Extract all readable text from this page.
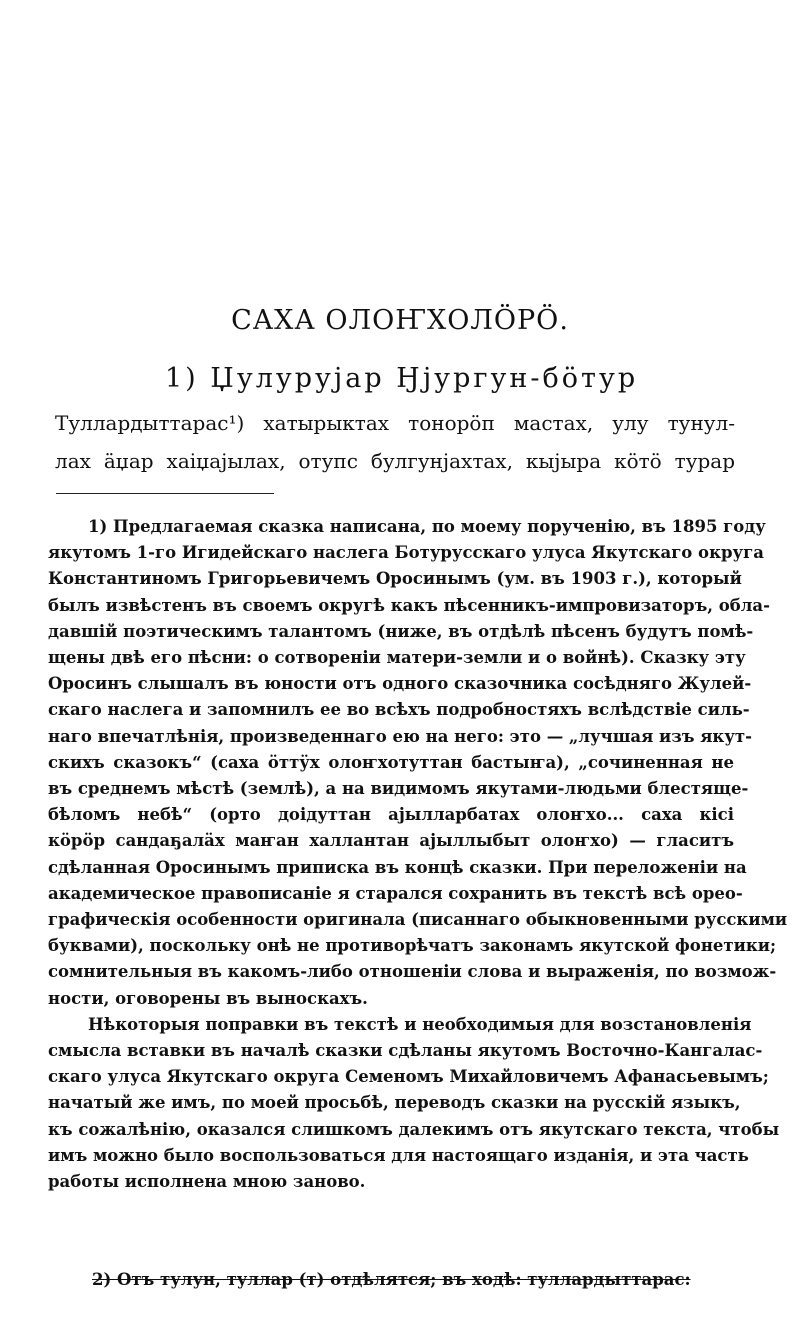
САХА ОЛОҤХОЛӦРӦ.
1) Џулурујар Ӈјургун-бӧтур
Туллардыттарас¹) хатырыктах тонорӧп мастах, улу тунул-
лах ӓџар хаіџајылах, отупс булгунјахтах, кыјыра кӧтӧ турар
1) Предлагаемая сказка написана, по моему порученію, въ 1895 году
якутомъ 1-го Игидейскаго наслега Ботурусскаго улуса Якутскаго округа
Константиномъ Григорьевичемъ Оросинымъ (ум. въ 1903 г.), который
былъ извѣстенъ въ своемъ округѣ какъ пѣсенникъ-импровизаторъ, обла-
давшій поэтическимъ талантомъ (ниже, въ отдѣлѣ пѣсенъ будутъ помѣ-
щены двѣ его пѣсни: о сотвореніи матери-земли и о войнѣ). Сказку эту
Оросинъ слышалъ въ юности отъ одного сказочника сосѣдняго Жулей-
скаго наслега и запомнилъ ее во всѣхъ подробностяхъ вслѣдствіе силь-
наго впечатлѣнія, произведеннаго ею на него: это — „лучшая изъ якут-
скихъ сказокъ“ (саха ӧттӱх олоҥхотуттан бастыҥа), „сочиненная не
въ среднемъ мѣстѣ (землѣ), а на видимомъ якутами-людьми блестяще-
бѣломъ небѣ“ (орто доідуттан ајылларбатах олоҥхо... саха кісі
кӧрӧр сандаҕалӓх маҥан халлантан ајыллыбыт олоҥхо) — гласитъ
сдѣланная Оросинымъ приписка въ концѣ сказки. При переложеніи на
академическое правописаніе я старался сохранить въ текстѣ всѣ орео-
графическія особенности оригинала (писаннаго обыкновенными русскими
буквами), поскольку онѣ не противорѣчатъ законамъ якутской фонетики;
сомнительныя въ какомъ-либо отношеніи слова и выраженія, по возмож-
ности, оговорены въ выноскахъ.
Нѣкоторыя поправки въ текстѣ и необходимыя для возстановленія
смысла вставки въ началѣ сказки сдѣланы якутомъ Восточно-Кангалас-
скаго улуса Якутскаго округа Семеномъ Михайловичемъ Афанасьевымъ;
начатый же имъ, по моей просьбѣ, переводъ сказки на русскій языкъ,
къ сожалѣнію, оказался слишкомъ далекимъ отъ якутскаго текста, чтобы
имъ можно было воспользоваться для настоящаго изданія, и эта часть
работы исполнена мною заново.
2) Отъ тулун, туллар (т) отдѣлятся; въ ходѣ: туллардыттарас:
